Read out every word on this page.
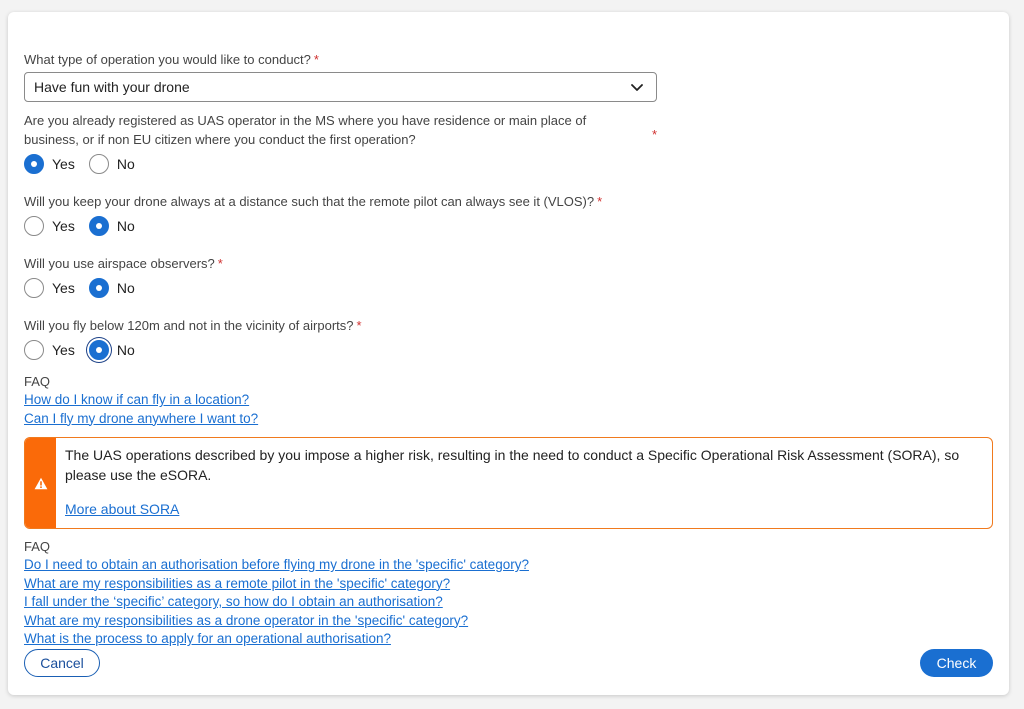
What type of operation you would like to conduct? *
Have fun with your drone
Are you already registered as UAS operator in the MS where you have residence or main place of
business, or if non EU citizen where you conduct the first operation?	*
Yes	No
Will you keep your drone always at a distance such that the remote pilot can always see it (VLOS)? *
Yes	No
Will you use airspace observers? *
Yes	No
Will you fly below 120m and not in the vicinity of airports? *
Yes	No
FAQ
How do I know if can fly in a location?
Can I fly my drone anywhere I want to?
The UAS operations described by you impose a higher risk, resulting in the need to conduct a Specific Operational Risk Assessment (SORA), so please use the eSORA.
More about SORA
FAQ
Do I need to obtain an authorisation before flying my drone in the 'specific' category?
What are my responsibilities as a remote pilot in the 'specific' category?
I fall under the ‘specific’ category, so how do I obtain an authorisation?
What are my responsibilities as a drone operator in the 'specific' category?
What is the process to apply for an operational authorisation?
Cancel	Check
